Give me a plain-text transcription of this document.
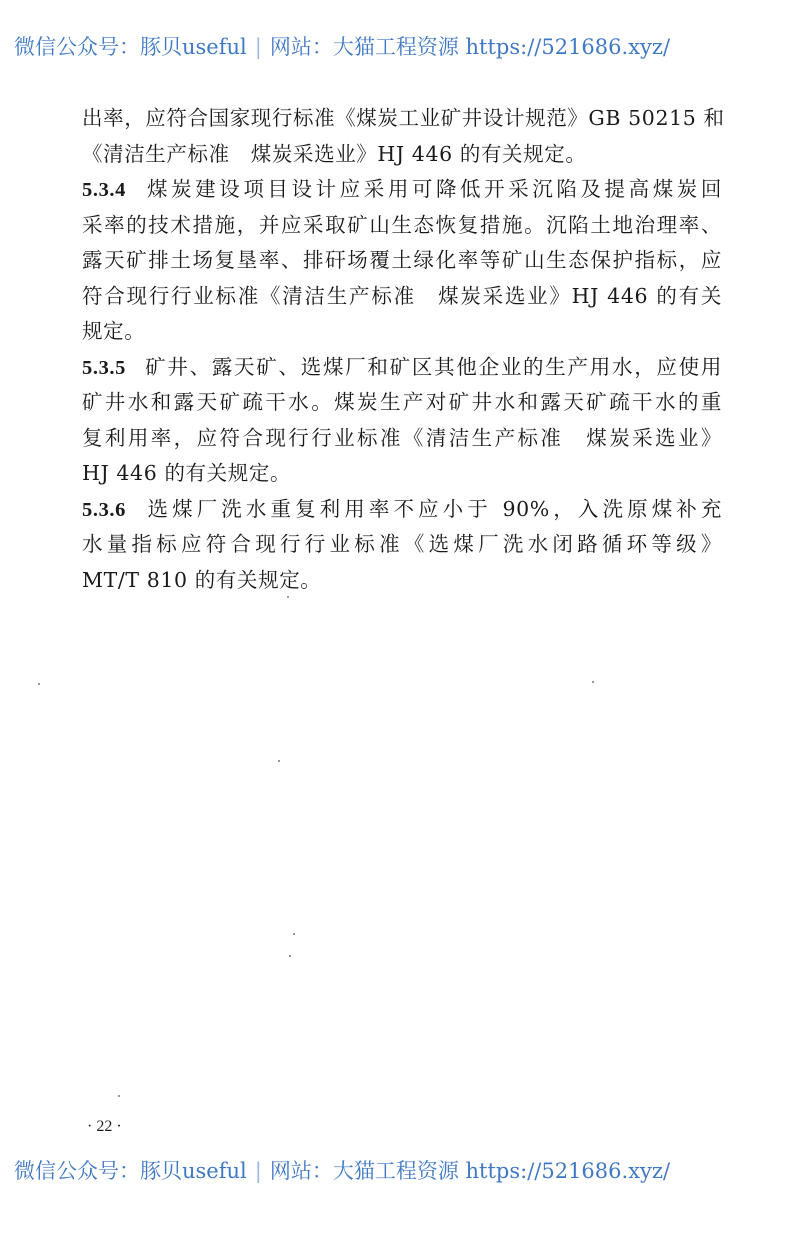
微信公众号：豚贝useful | 网站：大猫工程资源 https://521686.xyz/
出率，应符合国家现行标准《煤炭工业矿井设计规范》GB 50215 和
《清洁生产标准　煤炭采选业》HJ 446 的有关规定。
5.3.4 煤炭建设项目设计应采用可降低开采沉陷及提高煤炭回
采率的技术措施，并应采取矿山生态恢复措施。沉陷土地治理率、
露天矿排土场复垦率、排矸场覆土绿化率等矿山生态保护指标，应
符合现行行业标准《清洁生产标准　煤炭采选业》HJ 446 的有关
规定。
5.3.5 矿井、露天矿、选煤厂和矿区其他企业的生产用水，应使用
矿井水和露天矿疏干水。煤炭生产对矿井水和露天矿疏干水的重
复利用率，应符合现行行业标准《清洁生产标准　煤炭采选业》
HJ 446 的有关规定。
5.3.6 选煤厂洗水重复利用率不应小于 90%，入洗原煤补充
水量指标应符合现行行业标准《选煤厂洗水闭路循环等级》
MT/T 810 的有关规定。
· 22 ·
微信公众号：豚贝useful | 网站：大猫工程资源 https://521686.xyz/
